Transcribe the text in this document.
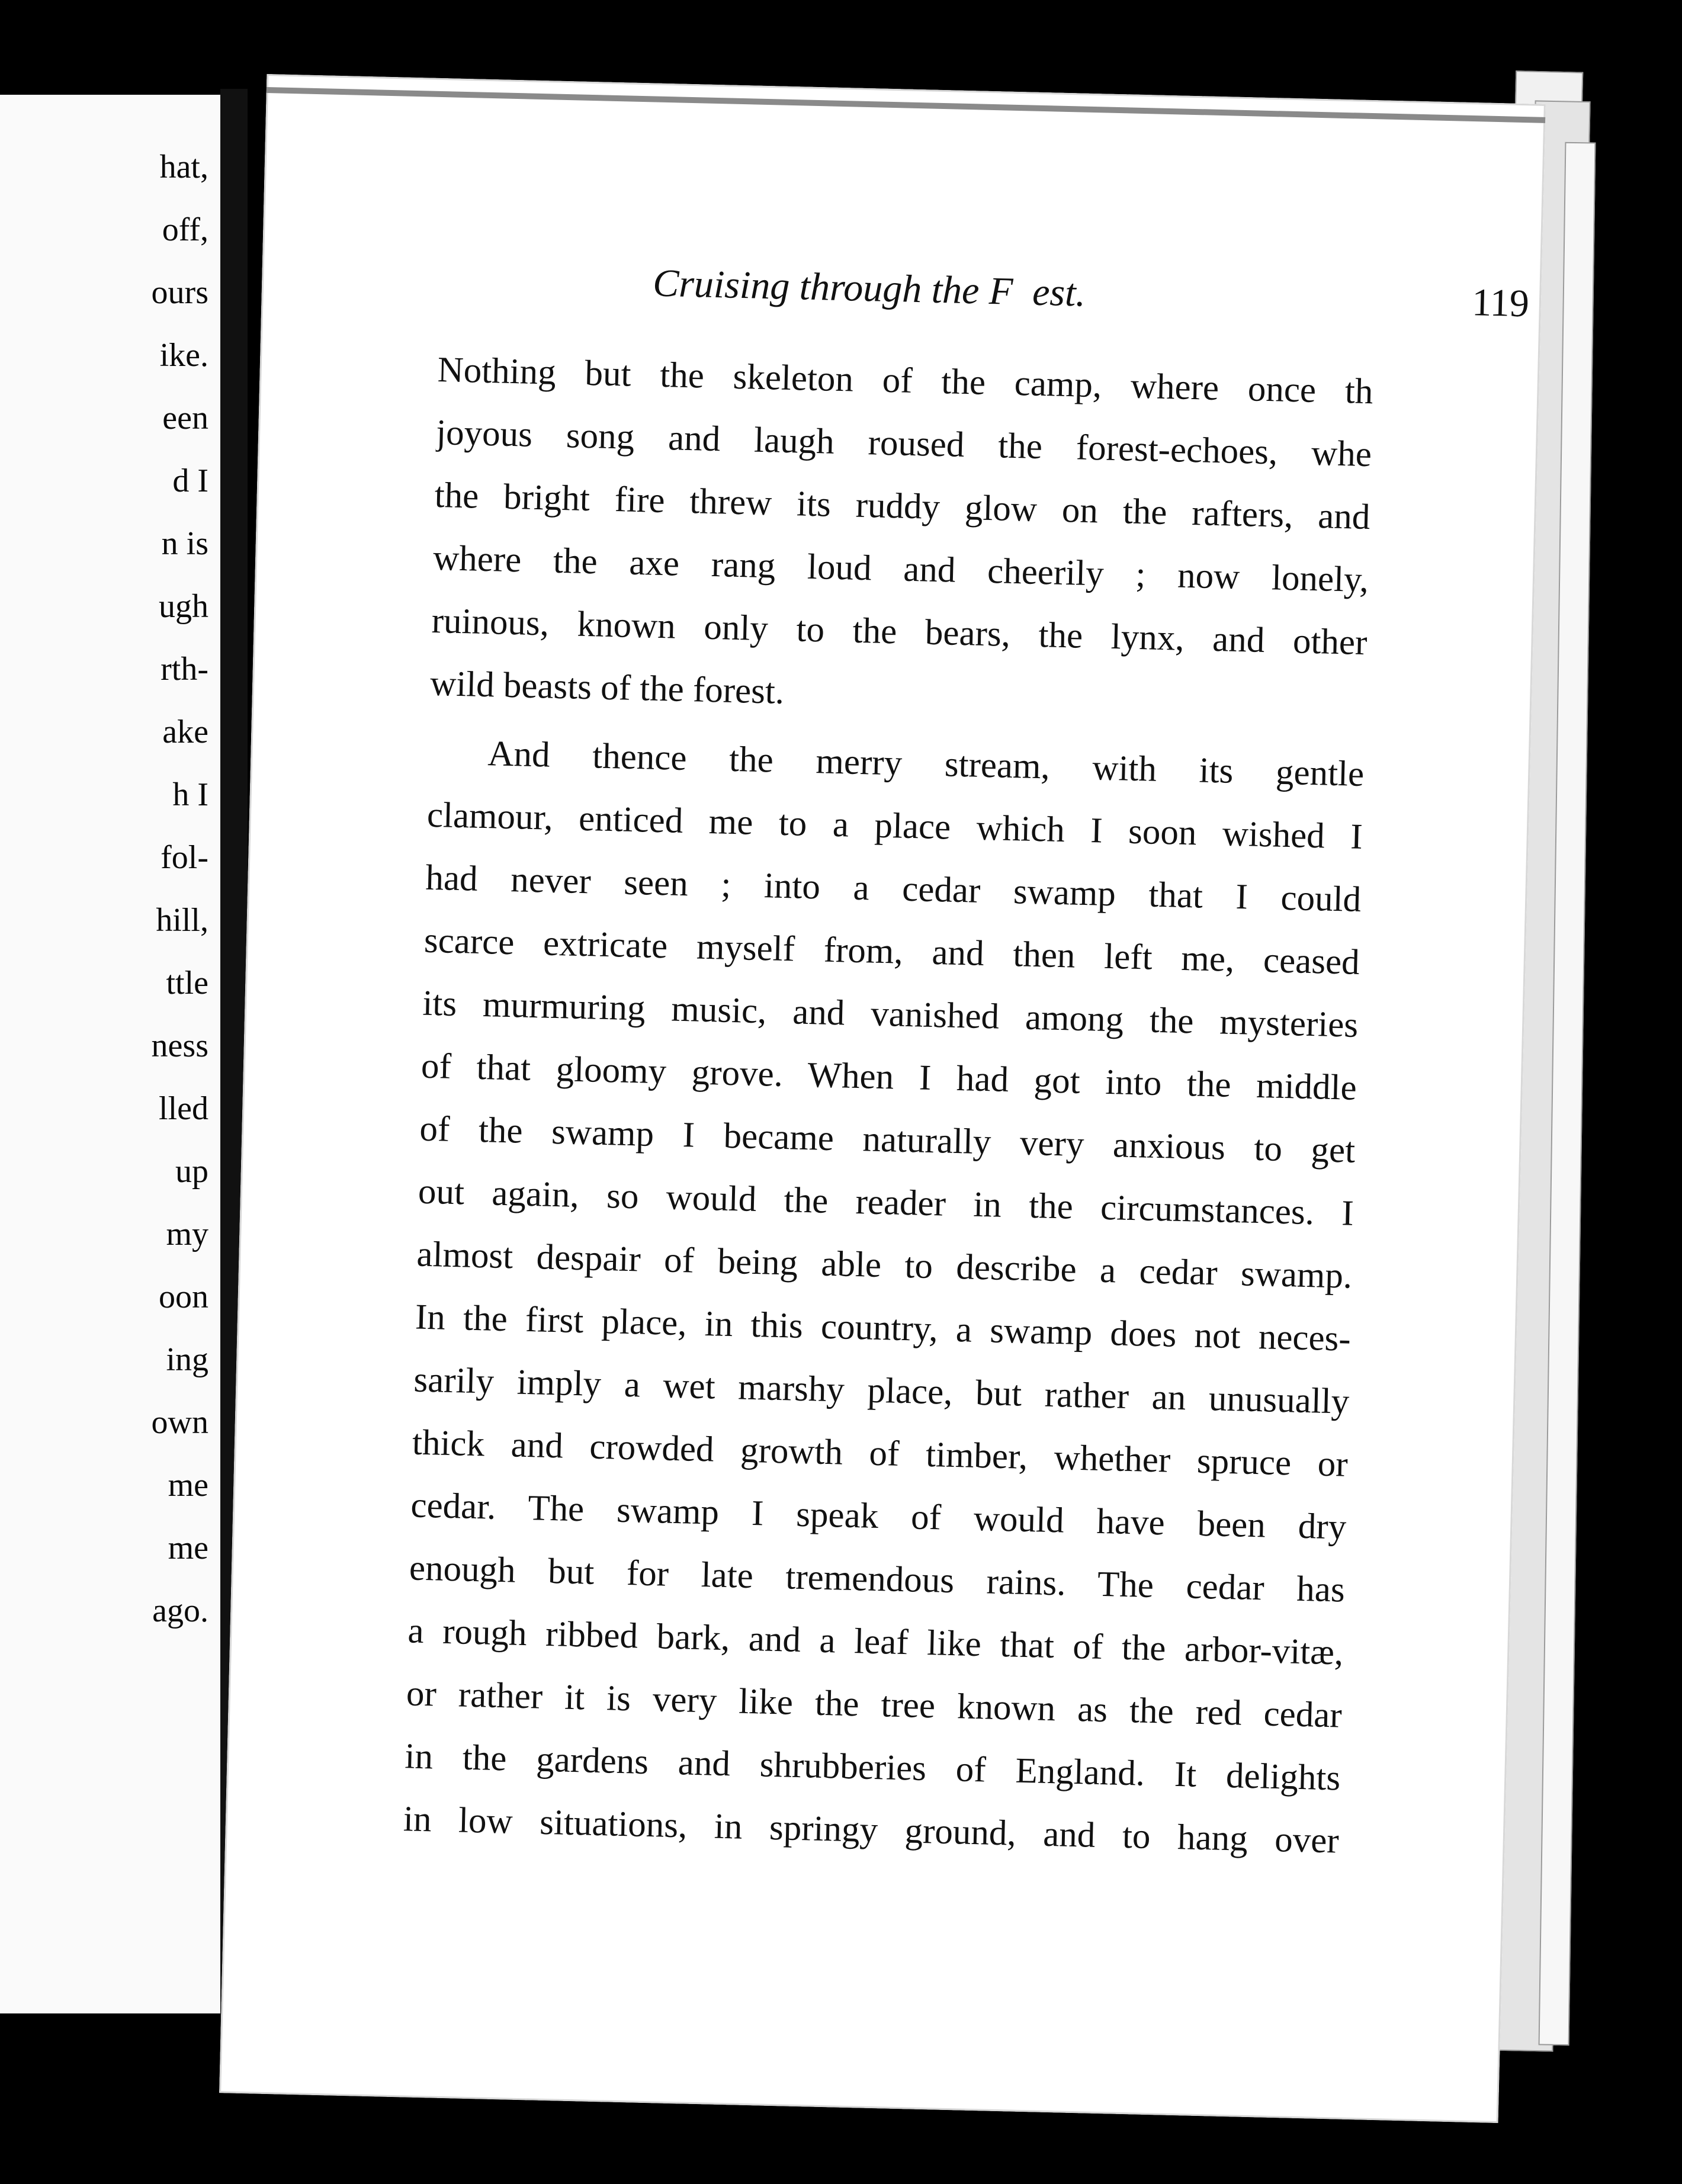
hat,
off,
ours
ike.
een
d I
n is
ugh
rth-
ake
h I
fol-
hill,
ttle
ness
lled
up
my
oon
ing
own
me
me
ago.
Cruising through the F  est.	119
Nothing but the skeleton of the camp, where once th
joyous song and laugh roused the forest-echoes, whe
the bright fire threw its ruddy glow on the rafters, and
where the axe rang loud and cheerily ; now lonely,
ruinous, known only to the bears, the lynx, and other
wild beasts of the forest.
And thence the merry stream, with its gentle
clamour, enticed me to a place which I soon wished I
had never seen ; into a cedar swamp that I could
scarce extricate myself from, and then left me, ceased
its murmuring music, and vanished among the mysteries
of that gloomy grove. When I had got into the middle
of the swamp I became naturally very anxious to get
out again, so would the reader in the circumstances. I
almost despair of being able to describe a cedar swamp.
In the first place, in this country, a swamp does not neces-
sarily imply a wet marshy place, but rather an unusually
thick and crowded growth of timber, whether spruce or
cedar. The swamp I speak of would have been dry
enough but for late tremendous rains. The cedar has
a rough ribbed bark, and a leaf like that of the arbor-vitæ,
or rather it is very like the tree known as the red cedar
in the gardens and shrubberies of England. It delights
in low situations, in springy ground, and to hang over
